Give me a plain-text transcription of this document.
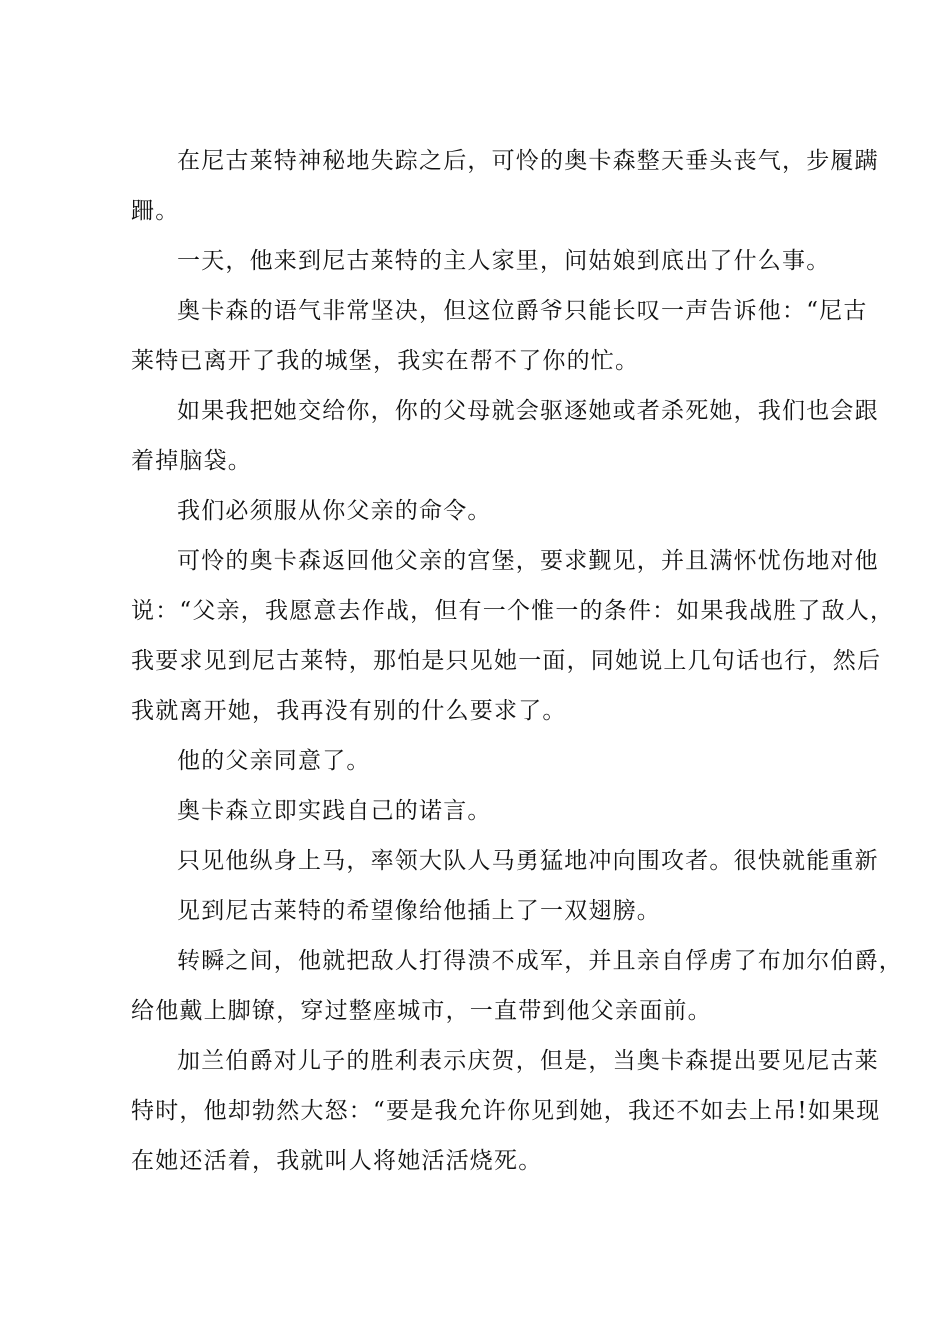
在尼古莱特神秘地失踪之后，可怜的奥卡森整天垂头丧气，步履蹒
跚。
一天，他来到尼古莱特的主人家里，问姑娘到底出了什么事。
奥卡森的语气非常坚决，但这位爵爷只能长叹一声告诉他：“尼古
莱特已离开了我的城堡，我实在帮不了你的忙。
如果我把她交给你，你的父母就会驱逐她或者杀死她，我们也会跟
着掉脑袋。
我们必须服从你父亲的命令。
可怜的奥卡森返回他父亲的宫堡，要求觐见，并且满怀忧伤地对他
说：“父亲，我愿意去作战，但有一个惟一的条件：如果我战胜了敌人，
我要求见到尼古莱特，那怕是只见她一面，同她说上几句话也行，然后
我就离开她，我再没有别的什么要求了。
他的父亲同意了。
奥卡森立即实践自己的诺言。
只见他纵身上马，率领大队人马勇猛地冲向围攻者。很快就能重新
见到尼古莱特的希望像给他插上了一双翅膀。
转瞬之间，他就把敌人打得溃不成军，并且亲自俘虏了布加尔伯爵，
给他戴上脚镣，穿过整座城市，一直带到他父亲面前。
加兰伯爵对儿子的胜利表示庆贺，但是，当奥卡森提出要见尼古莱
特时，他却勃然大怒：“要是我允许你见到她，我还不如去上吊!如果现
在她还活着，我就叫人将她活活烧死。
